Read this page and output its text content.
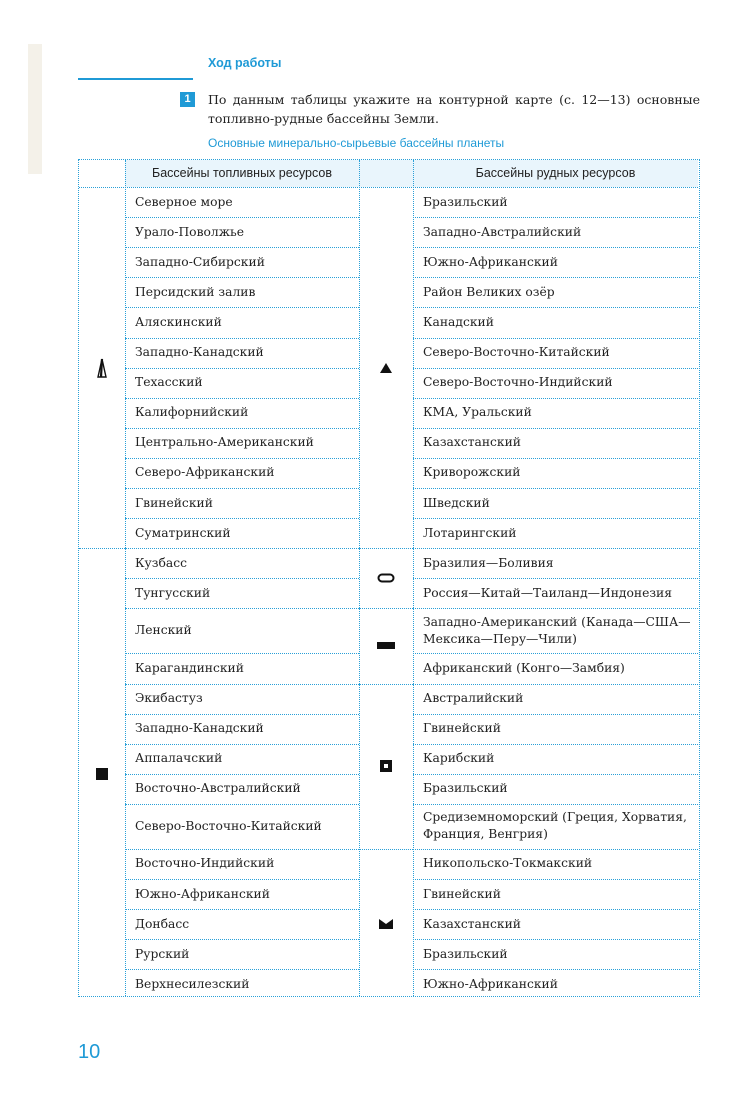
Ход работы
1	По данным таблицы укажите на контурной карте (с. 12—13) основные топливно-рудные бассейны Земли.
Основные минерально-сырьевые бассейны планеты
Бассейны топливных ресурсов	Бассейны рудных ресурсов
Северное море
Урало-Поволжье
Западно-Сибирский
Персидский залив
Аляскинский
Западно-Канадский
Техасский
Калифорнийский
Центрально-Американский
Северо-Африканский
Гвинейский
Суматринский
Кузбасс
Тунгусский
Ленский
Карагандинский
Экибастуз
Западно-Канадский
Аппалачский
Восточно-Австралийский
Северо-Восточно-Китайский
Восточно-Индийский
Южно-Африканский
Донбасс
Рурский
Верхнесилезский
Бразильский
Западно-Австралийский
Южно-Африканский
Район Великих озёр
Канадский
Северо-Восточно-Китайский
Северо-Восточно-Индийский
КМА, Уральский
Казахстанский
Криворожский
Шведский
Лотарингский
Бразилия—Боливия
Россия—Китай—Таиланд—Индонезия
Западно-Американский (Канада—США—Мексика—Перу—Чили)
Африканский (Конго—Замбия)
Австралийский
Гвинейский
Карибский
Бразильский
Средиземноморский (Греция, Хорватия, Франция, Венгрия)
Никопольско-Токмакский
Гвинейский
Казахстанский
Бразильский
Южно-Африканский
10
